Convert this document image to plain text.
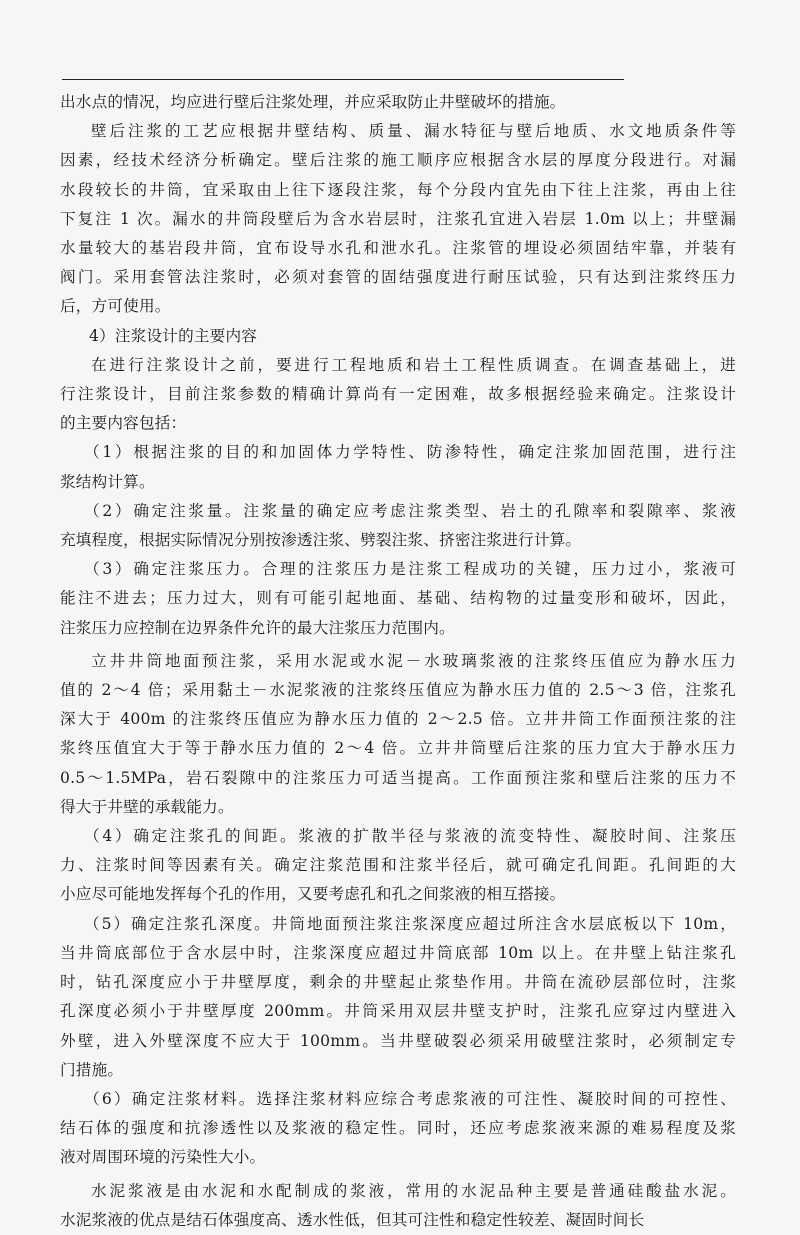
出水点的情况，均应进行壁后注浆处理，并应采取防止井壁破坏的措施。

壁后注浆的工艺应根据井壁结构、质量、漏水特征与壁后地质、水文地质条件等

因素，经技术经济分析确定。壁后注浆的施工顺序应根据含水层的厚度分段进行。对漏

水段较长的井筒，宜采取由上往下逐段注浆，每个分段内宜先由下往上注浆，再由上往

下复注 1 次。漏水的井筒段壁后为含水岩层时，注浆孔宜进入岩层 1.0m 以上；井壁漏

水量较大的基岩段井筒，宜布设导水孔和泄水孔。注浆管的埋设必须固结牢靠，并装有

阀门。采用套管法注浆时，必须对套管的固结强度进行耐压试验，只有达到注浆终压力

后，方可使用。

4）注浆设计的主要内容

在进行注浆设计之前，要进行工程地质和岩土工程性质调查。在调查基础上，进

行注浆设计，目前注浆参数的精确计算尚有一定困难，故多根据经验来确定。注浆设计

的主要内容包括：

（1）根据注浆的目的和加固体力学特性、防渗特性，确定注浆加固范围，进行注

浆结构计算。

（2）确定注浆量。注浆量的确定应考虑注浆类型、岩土的孔隙率和裂隙率、浆液

充填程度，根据实际情况分别按渗透注浆、劈裂注浆、挤密注浆进行计算。

（3）确定注浆压力。合理的注浆压力是注浆工程成功的关键，压力过小，浆液可

能注不进去；压力过大，则有可能引起地面、基础、结构物的过量变形和破坏，因此，

注浆压力应控制在边界条件允许的最大注浆压力范围内。

立井井筒地面预注浆，采用水泥或水泥－水玻璃浆液的注浆终压值应为静水压力

值的 2～4 倍；采用黏土－水泥浆液的注浆终压值应为静水压力值的 2.5～3 倍，注浆孔

深大于 400m 的注浆终压值应为静水压力值的 2～2.5 倍。立井井筒工作面预注浆的注

浆终压值宜大于等于静水压力值的 2～4 倍。立井井筒壁后注浆的压力宜大于静水压力

0.5～1.5MPa，岩石裂隙中的注浆压力可适当提高。工作面预注浆和壁后注浆的压力不

得大于井壁的承载能力。

（4）确定注浆孔的间距。浆液的扩散半径与浆液的流变特性、凝胶时间、注浆压

力、注浆时间等因素有关。确定注浆范围和注浆半径后，就可确定孔间距。孔间距的大

小应尽可能地发挥每个孔的作用，又要考虑孔和孔之间浆液的相互搭接。

（5）确定注浆孔深度。井筒地面预注浆注浆深度应超过所注含水层底板以下 10m，

当井筒底部位于含水层中时，注浆深度应超过井筒底部 10m 以上。在井壁上钻注浆孔

时，钻孔深度应小于井壁厚度，剩余的井壁起止浆垫作用。井筒在流砂层部位时，注浆

孔深度必须小于井壁厚度 200mm。井筒采用双层井壁支护时，注浆孔应穿过内壁进入

外壁，进入外壁深度不应大于 100mm。当井壁破裂必须采用破壁注浆时，必须制定专

门措施。

（6）确定注浆材料。选择注浆材料应综合考虑浆液的可注性、凝胶时间的可控性、

结石体的强度和抗渗透性以及浆液的稳定性。同时，还应考虑浆液来源的难易程度及浆

液对周围环境的污染性大小。

水泥浆液是由水泥和水配制成的浆液，常用的水泥品种主要是普通硅酸盐水泥。

水泥浆液的优点是结石体强度高、透水性低，但其可注性和稳定性较差、凝固时间长
